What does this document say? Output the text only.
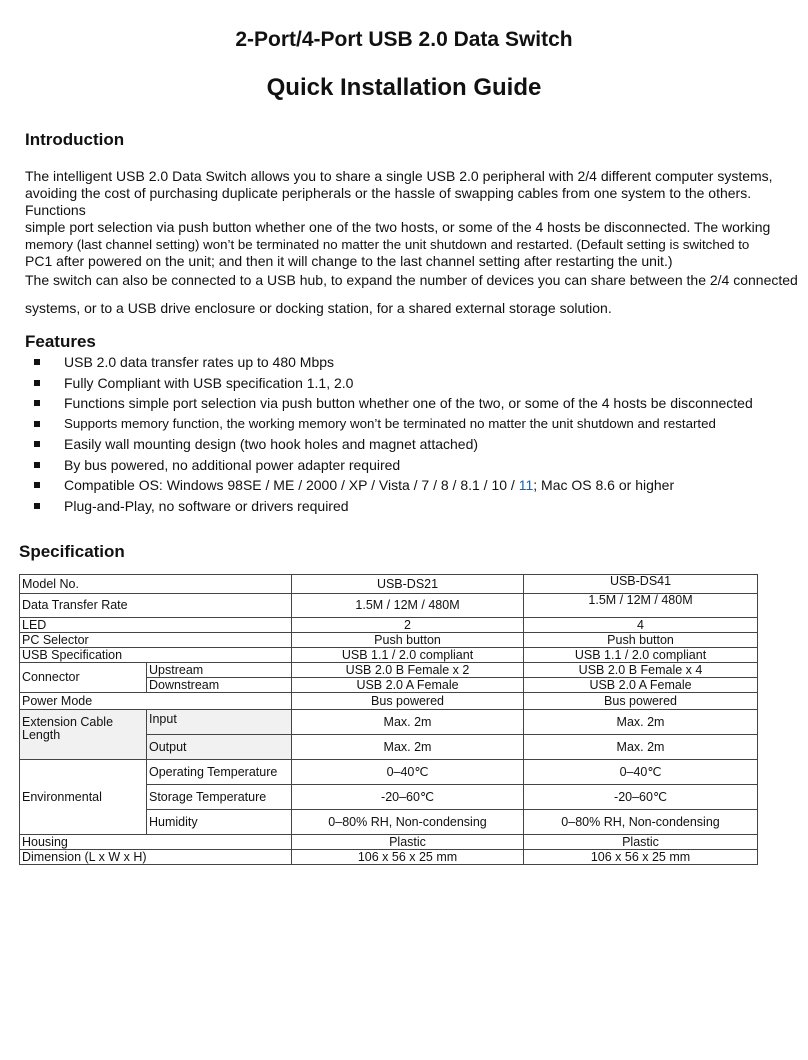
2-Port/4-Port USB 2.0 Data Switch
Quick Installation Guide
Introduction
The intelligent USB 2.0 Data Switch allows you to share a single USB 2.0 peripheral with 2/4 different computer systems,
avoiding the cost of purchasing duplicate peripherals or the hassle of swapping cables from one system to the others. Functions
simple port selection via push button whether one of the two hosts, or some of the 4 hosts be disconnected. The working
memory (last channel setting) won’t be terminated no matter the unit shutdown and restarted. (Default setting is switched to
PC1 after powered on the unit; and then it will change to the last channel setting after restarting the unit.)
The switch can also be connected to a USB hub, to expand the number of devices you can share between the 2/4 connected
systems, or to a USB drive enclosure or docking station, for a shared external storage solution.
Features
USB 2.0 data transfer rates up to 480 Mbps
Fully Compliant with USB specification 1.1, 2.0
Functions simple port selection via push button whether one of the two, or some of the 4 hosts be disconnected
Supports memory function, the working memory won’t be terminated no matter the unit shutdown and restarted
Easily wall mounting design (two hook holes and magnet attached)
By bus powered, no additional power adapter required
Compatible OS: Windows 98SE / ME / 2000 / XP / Vista / 7 / 8 / 8.1 / 10 / 11; Mac OS 8.6 or higher
Plug-and-Play, no software or drivers required
Specification
Model No.		USB-DS21	USB-DS41
Data Transfer Rate		1.5M / 12M / 480M	1.5M / 12M / 480M
LED		2	4
PC Selector		Push button	Push button
USB Specification		USB 1.1 / 2.0 compliant	USB 1.1 / 2.0 compliant
Connector	Upstream	USB 2.0 B Female x 2	USB 2.0 B Female x 4
	Downstream	USB 2.0 A Female	USB 2.0 A Female
Power Mode		Bus powered	Bus powered
Extension Cable Length	Input	Max. 2m	Max. 2m
	Output	Max. 2m	Max. 2m
Environmental	Operating Temperature	0–40℃	0–40℃
	Storage Temperature	-20–60℃	-20–60℃
	Humidity	0–80% RH, Non-condensing	0–80% RH, Non-condensing
Housing		Plastic	Plastic
Dimension (L x W x H)		106 x 56 x 25 mm	106 x 56 x 25 mm
